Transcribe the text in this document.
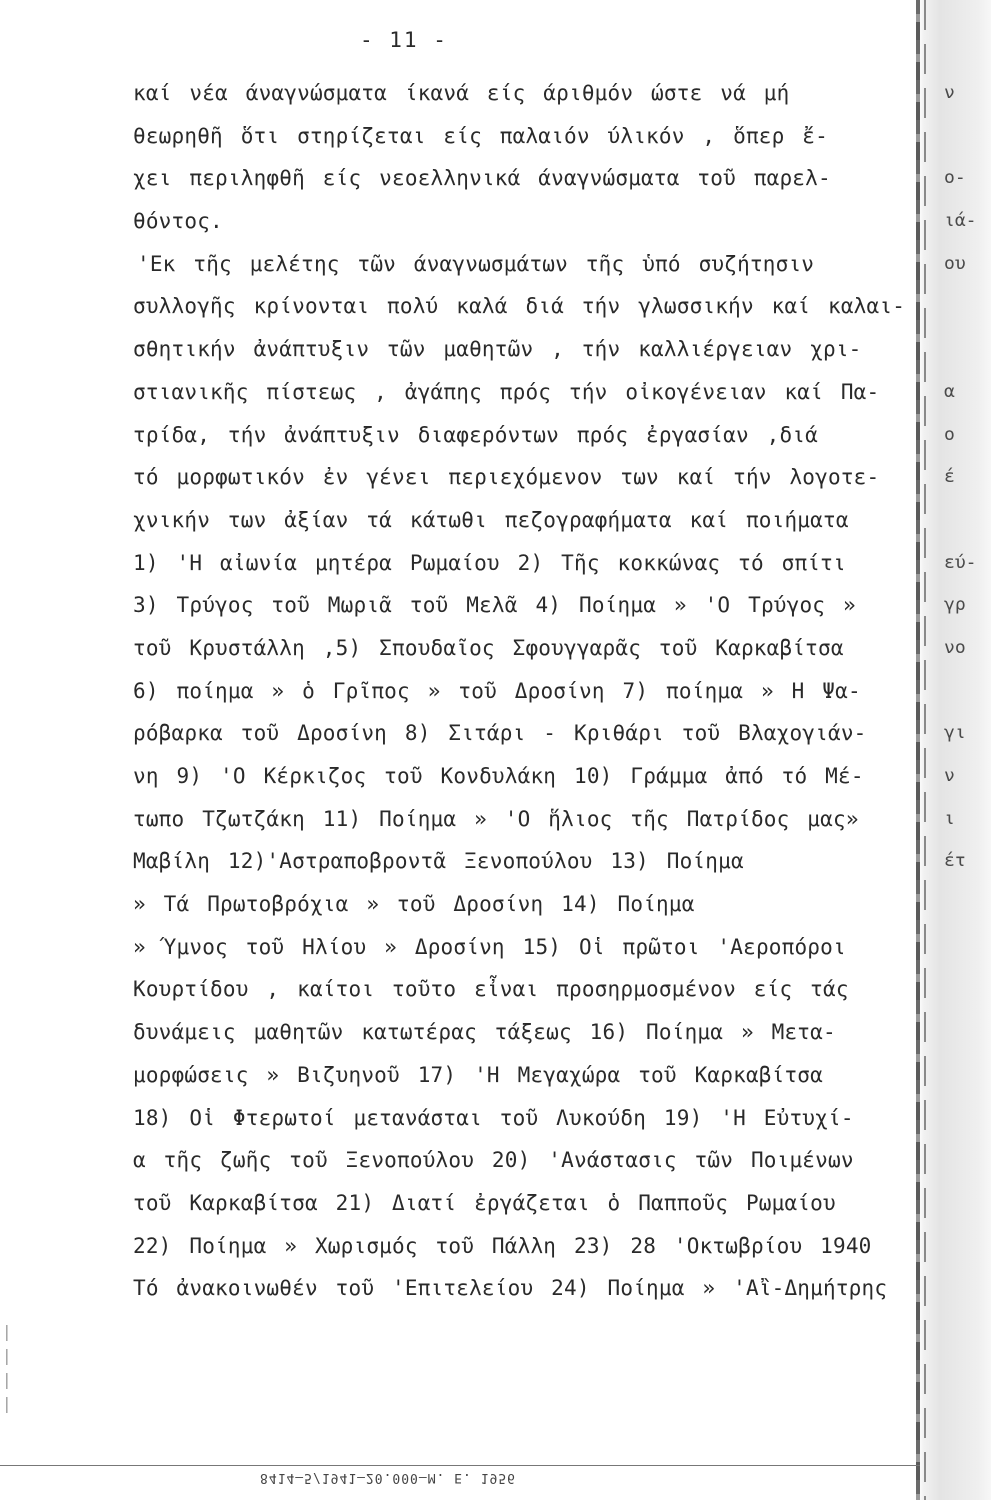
- 11 -
καί νέα άναγνώσματα ίκανά είς άριθμόν ώστε νά μή
θεωρηθῆ ὅτι στηρίζεται είς παλαιόν ύλικόν , ὅπερ ἔ-
χει περιληφθῆ είς νεοελληνικά άναγνώσματα τοῦ παρελ-
θόντος.
'Εκ τῆς μελέτης τῶν άναγνωσμάτων τῆς ὑπό συζήτησιν
συλλογῆς κρίνονται πολύ καλά διά τήν γλωσσικήν καί καλαι-
σθητικήν ἀνάπτυξιν τῶν μαθητῶν , τήν καλλιέργειαν χρι-
στιανικῆς πίστεως , ἀγάπης πρός τήν οἰκογένειαν καί Πα-
τρίδα, τήν ἀνάπτυξιν διαφερόντων πρός ἐργασίαν ,διά
τό μορφωτικόν ἐν γένει περιεχόμενον των καί τήν λογοτε-
χνικήν των ἀξίαν τά κάτωθι πεζογραφήματα καί ποιήματα
1) 'Η αἰωνία μητέρα Ρωμαίου 2) Τῆς κοκκώνας τό σπίτι
3) Τρύγος τοῦ Μωριᾶ τοῦ Μελᾶ 4) Ποίημα » 'Ο Τρύγος »
τοῦ Κρυστάλλη ,5) Σπουδαῖος Σφουγγαρᾶς τοῦ Καρκαβίτσα
6) ποίημα » ὁ Γρῖπος » τοῦ Δροσίνη 7) ποίημα » Η Ψα-
ρόβαρκα τοῦ Δροσίνη 8) Σιτάρι - Κριθάρι τοῦ Βλαχογιάν-
νη 9) 'Ο Κέρκιζος τοῦ Κονδυλάκη 10) Γράμμα ἀπό τό Μέ-
τωπο Τζωτζάκη 11) Ποίημα » 'Ο ἥλιος τῆς Πατρίδος μας»
Μαβίλη 12)'Αστραποβροντᾶ Ξενοπούλου 13) Ποίημα
» Τά Πρωτοβρόχια » τοῦ Δροσίνη 14) Ποίημα
» Ύμνος τοῦ Ηλίου » Δροσίνη 15) Οἱ πρῶτοι 'Αεροπόροι
Κουρτίδου , καίτοι τοῦτο εἶναι προσηρμοσμένον είς τάς
δυνάμεις μαθητῶν κατωτέρας τάξεως 16) Ποίημα » Μετα-
μορφώσεις » Βιζυηνοῦ 17) 'Η Μεγαχώρα τοῦ Καρκαβίτσα
18) Οἱ Φτερωτοί μετανάσται τοῦ Λυκούδη 19) 'Η Εὐτυχί-
α τῆς ζωῆς τοῦ Ξενοπούλου 20) 'Ανάστασις τῶν Ποιμένων
τοῦ Καρκαβίτσα 21) Διατί ἐργάζεται ὁ Παπποῦς Ρωμαίου
22) Ποίημα » Χωρισμός τοῦ Πάλλη 23) 28 'Οκτωβρίου 1940
Τό ἀνακοινωθέν τοῦ 'Επιτελείου 24) Ποίημα » 'Αἲ-Δημήτρης
ν
ο-
ιά-
ου
α
ο
έ
εύ-
γρ
νο
γι
ν
ι
έτ
|
|
|
|
8414—5/1941—20.000—Μ. Ε. 1956
